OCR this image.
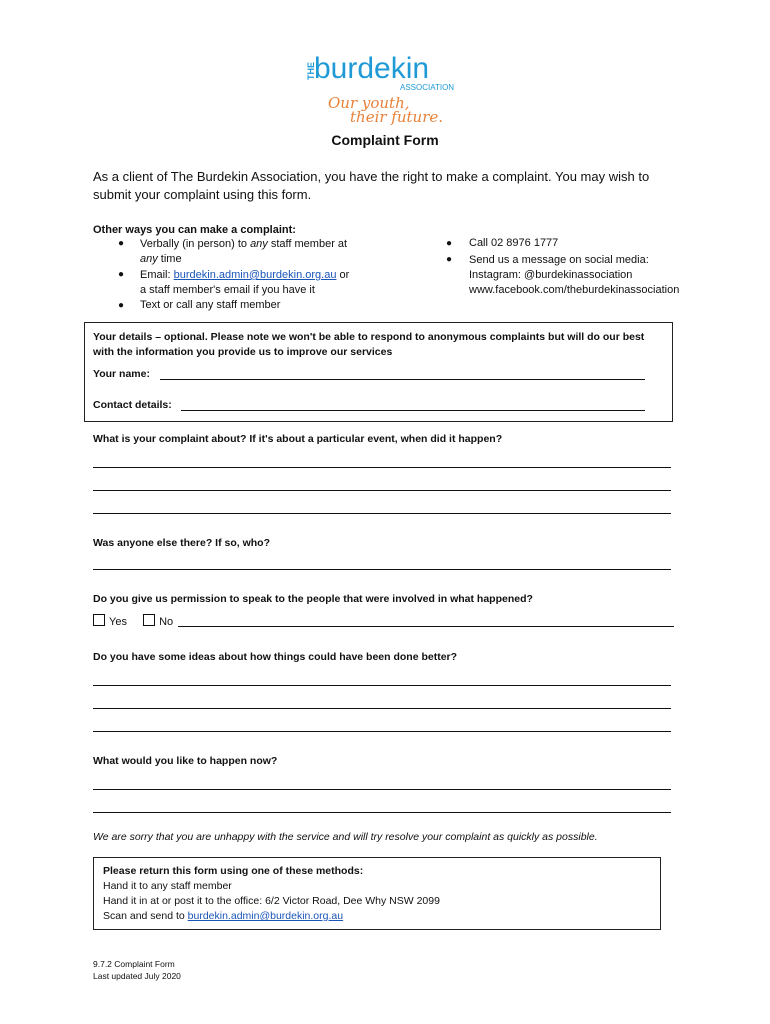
THE
burdekin
ASSOCIATION
Our youth,
their future.
Complaint Form
As a client of The Burdekin Association, you have the right to make a complaint. You may wish to submit your complaint using this form.
Other ways you can make a complaint:
● Verbally (in person) to any staff member at
any time
● Email: burdekin.admin@burdekin.org.au or
a staff member's email if you have it
● Text or call any staff member
● Call 02 8976 1777
● Send us a message on social media:
Instagram: @burdekinassociation
www.facebook.com/theburdekinassociation
Your details – optional. Please note we won't be able to respond to anonymous complaints but will do our best with the information you provide us to improve our services
Your name:
Contact details:
What is your complaint about? If it's about a particular event, when did it happen?
Was anyone else there? If so, who?
Do you give us permission to speak to the people that were involved in what happened?
Yes	No
Do you have some ideas about how things could have been done better?
What would you like to happen now?
We are sorry that you are unhappy with the service and will try resolve your complaint as quickly as possible.
Please return this form using one of these methods:
Hand it to any staff member
Hand it in at or post it to the office: 6/2 Victor Road, Dee Why NSW 2099
Scan and send to burdekin.admin@burdekin.org.au
9.7.2 Complaint Form
Last updated July 2020
